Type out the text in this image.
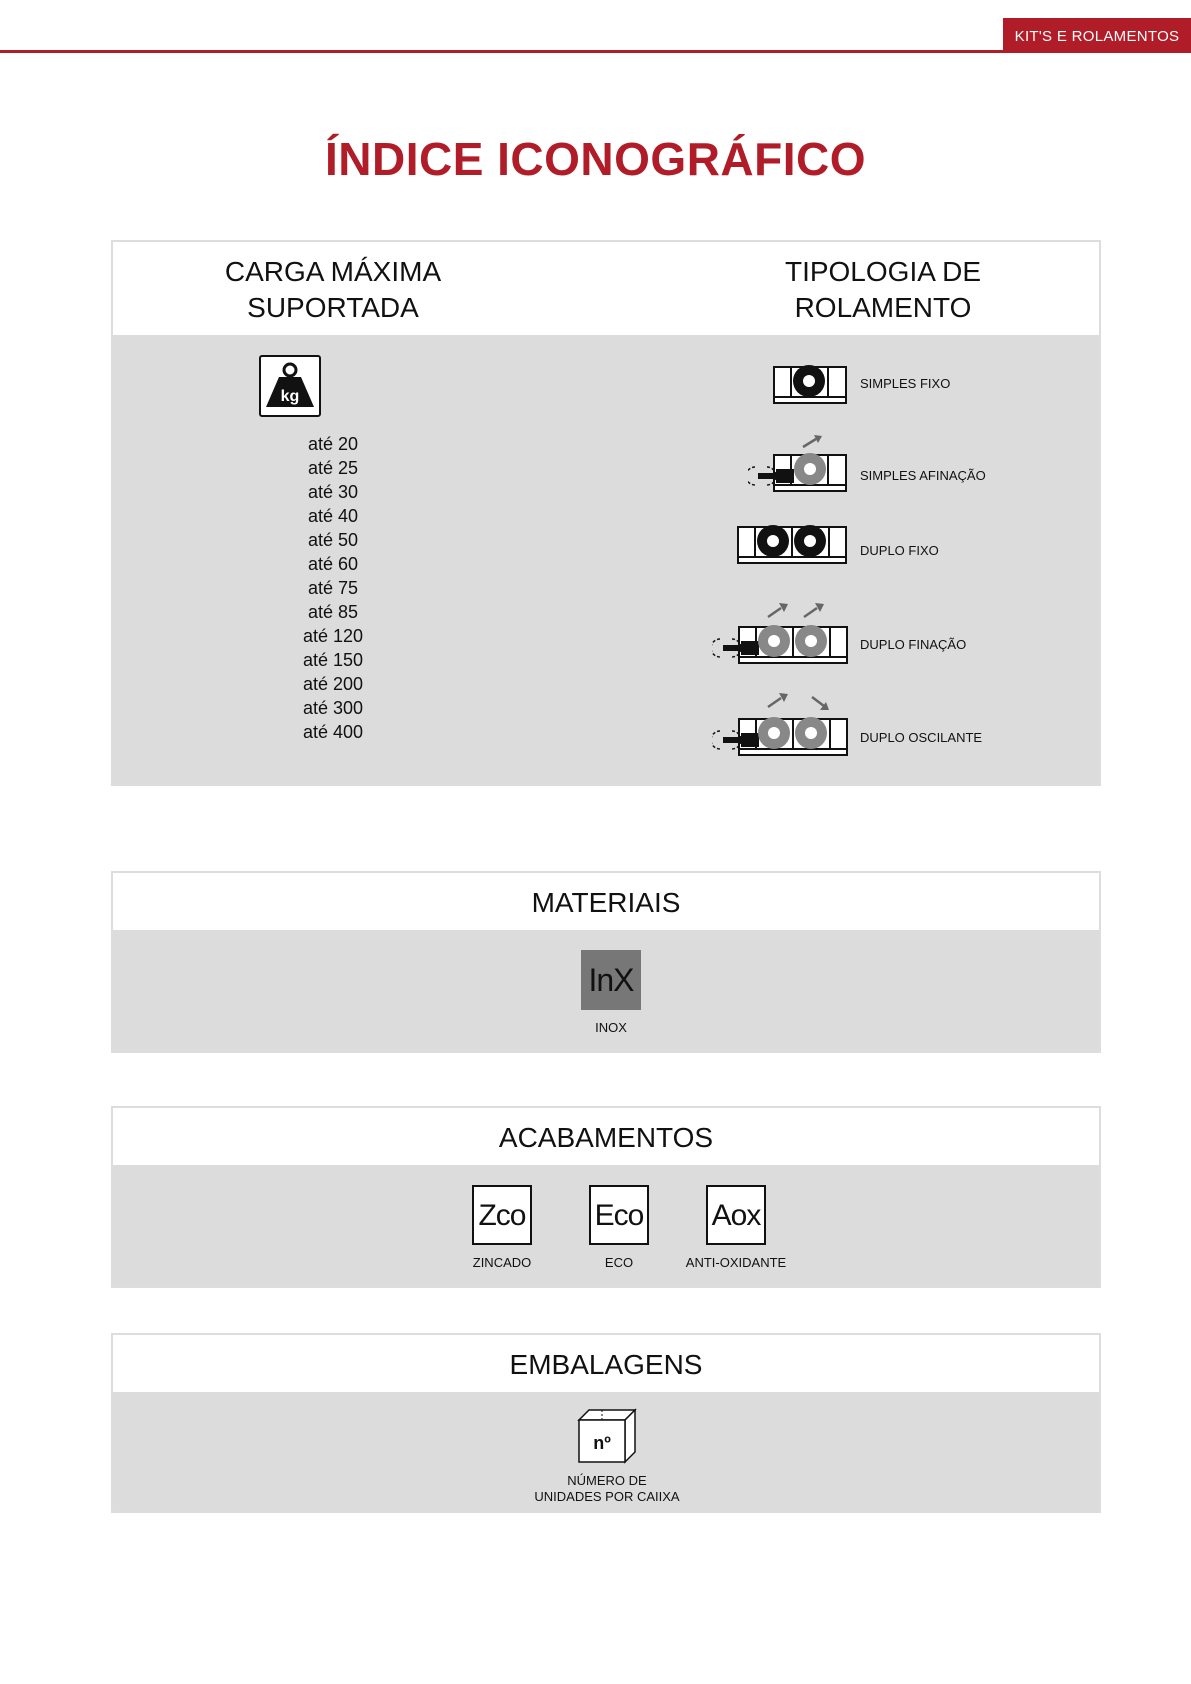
KIT'S E ROLAMENTOS
ÍNDICE ICONOGRÁFICO
CARGA MÁXIMA
SUPORTADA
TIPOLOGIA DE
ROLAMENTO
kg
até 20
até 25
até 30
até 40
até 50
até 60
até 75
até 85
até 120
até 150
até 200
até 300
até 400
SIMPLES FIXO
SIMPLES AFINAÇÃO
DUPLO FIXO
DUPLO FINAÇÃO
DUPLO OSCILANTE
MATERIAIS
InX
INOX
ACABAMENTOS
Zco
ZINCADO
Eco
ECO
Aox
ANTI-OXIDANTE
EMBALAGENS
nº
NÚMERO DE
UNIDADES POR CAIIXA
